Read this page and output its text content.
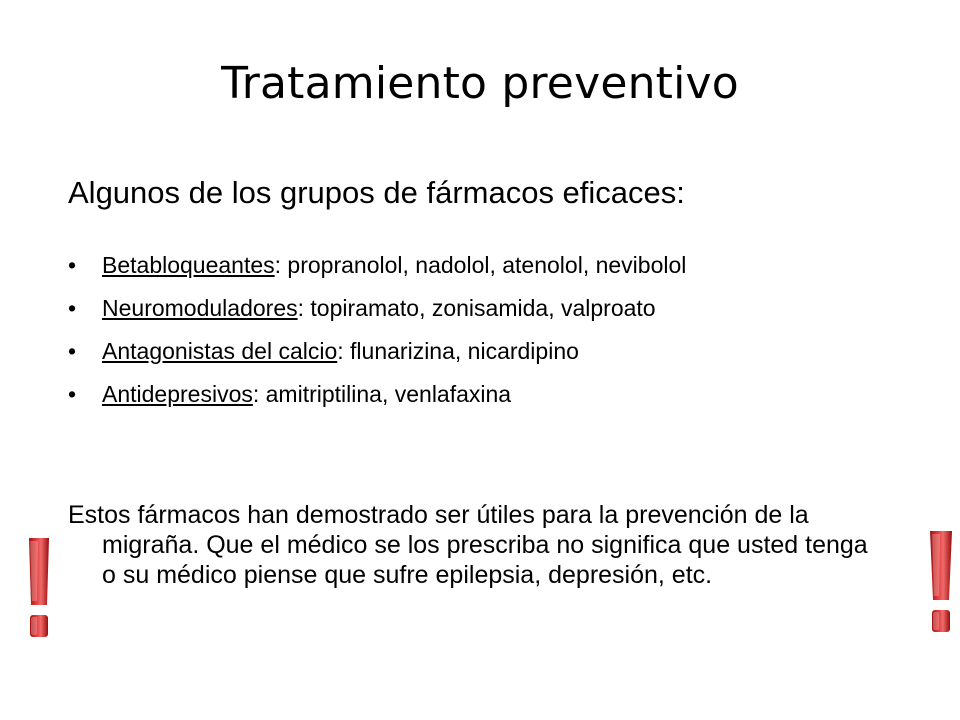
Tratamiento preventivo

Algunos de los grupos de fármacos eficaces:

• Betabloqueantes: propranolol, nadolol, atenolol, nevibolol
• Neuromoduladores: topiramato, zonisamida, valproato
• Antagonistas del calcio: flunarizina, nicardipino
• Antidepresivos: amitriptilina, venlafaxina

Estos fármacos han demostrado ser útiles para la prevención de la migraña. Que el médico se los prescriba no significa que usted tenga o su médico piense que sufre epilepsia, depresión, etc.
